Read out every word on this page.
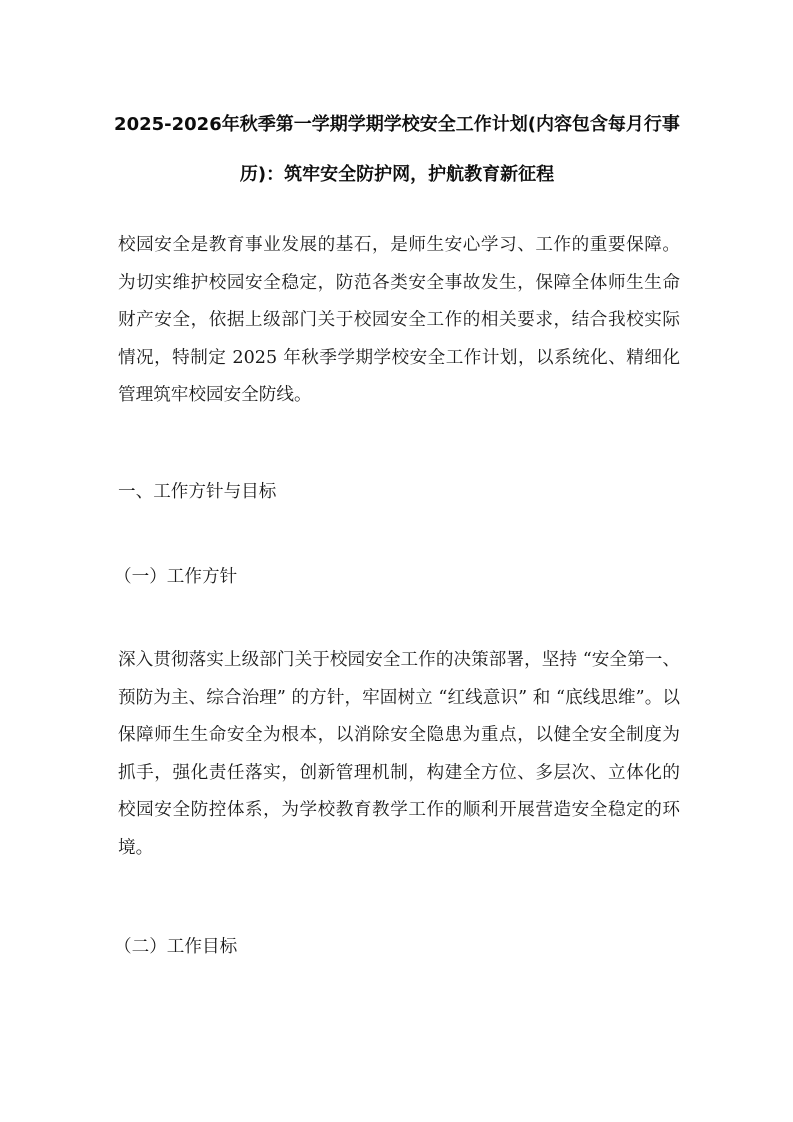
2025-2026年秋季第一学期学期学校安全工作计划(内容包含每月行事历)：筑牢安全防护网，护航教育新征程

校园安全是教育事业发展的基石，是师生安心学习、工作的重要保障。为切实维护校园安全稳定，防范各类安全事故发生，保障全体师生生命财产安全，依据上级部门关于校园安全工作的相关要求，结合我校实际情况，特制定 2025 年秋季学期学校安全工作计划，以系统化、精细化管理筑牢校园安全防线。

一、工作方针与目标

（一）工作方针

深入贯彻落实上级部门关于校园安全工作的决策部署，坚持 “安全第一、预防为主、综合治理” 的方针，牢固树立 “红线意识” 和 “底线思维”。以保障师生生命安全为根本，以消除安全隐患为重点，以健全安全制度为抓手，强化责任落实，创新管理机制，构建全方位、多层次、立体化的校园安全防控体系，为学校教育教学工作的顺利开展营造安全稳定的环境。

（二）工作目标
